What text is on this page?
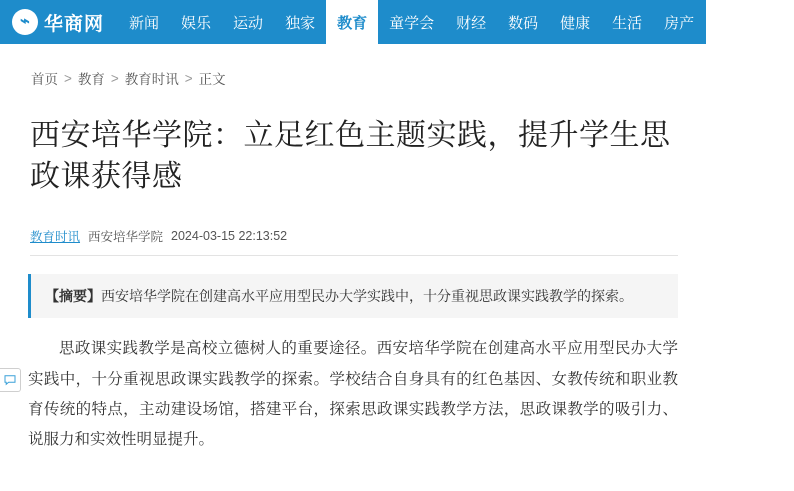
⌁ 华商网	新闻	娱乐	运动	独家	教育	童学会	财经	数码	健康	生活	房产	政企	城
首页 > 教育 > 教育时讯 > 正文
西安培华学院：立足红色主题实践，提升学生思政课获得感
教育时讯 西安培华学院 2024-03-15 22:13:52
【摘要】西安培华学院在创建高水平应用型民办大学实践中，十分重视思政课实践教学的探索。

思政课实践教学是高校立德树人的重要途径。西安培华学院在创建高水平应用型民办大学实践中，十分重视思政课实践教学的探索。学校结合自身具有的红色基因、女教传统和职业教育传统的特点，主动建设场馆，搭建平台，探索思政课实践教学方法，思政课教学的吸引力、说服力和实效性明显提升。
